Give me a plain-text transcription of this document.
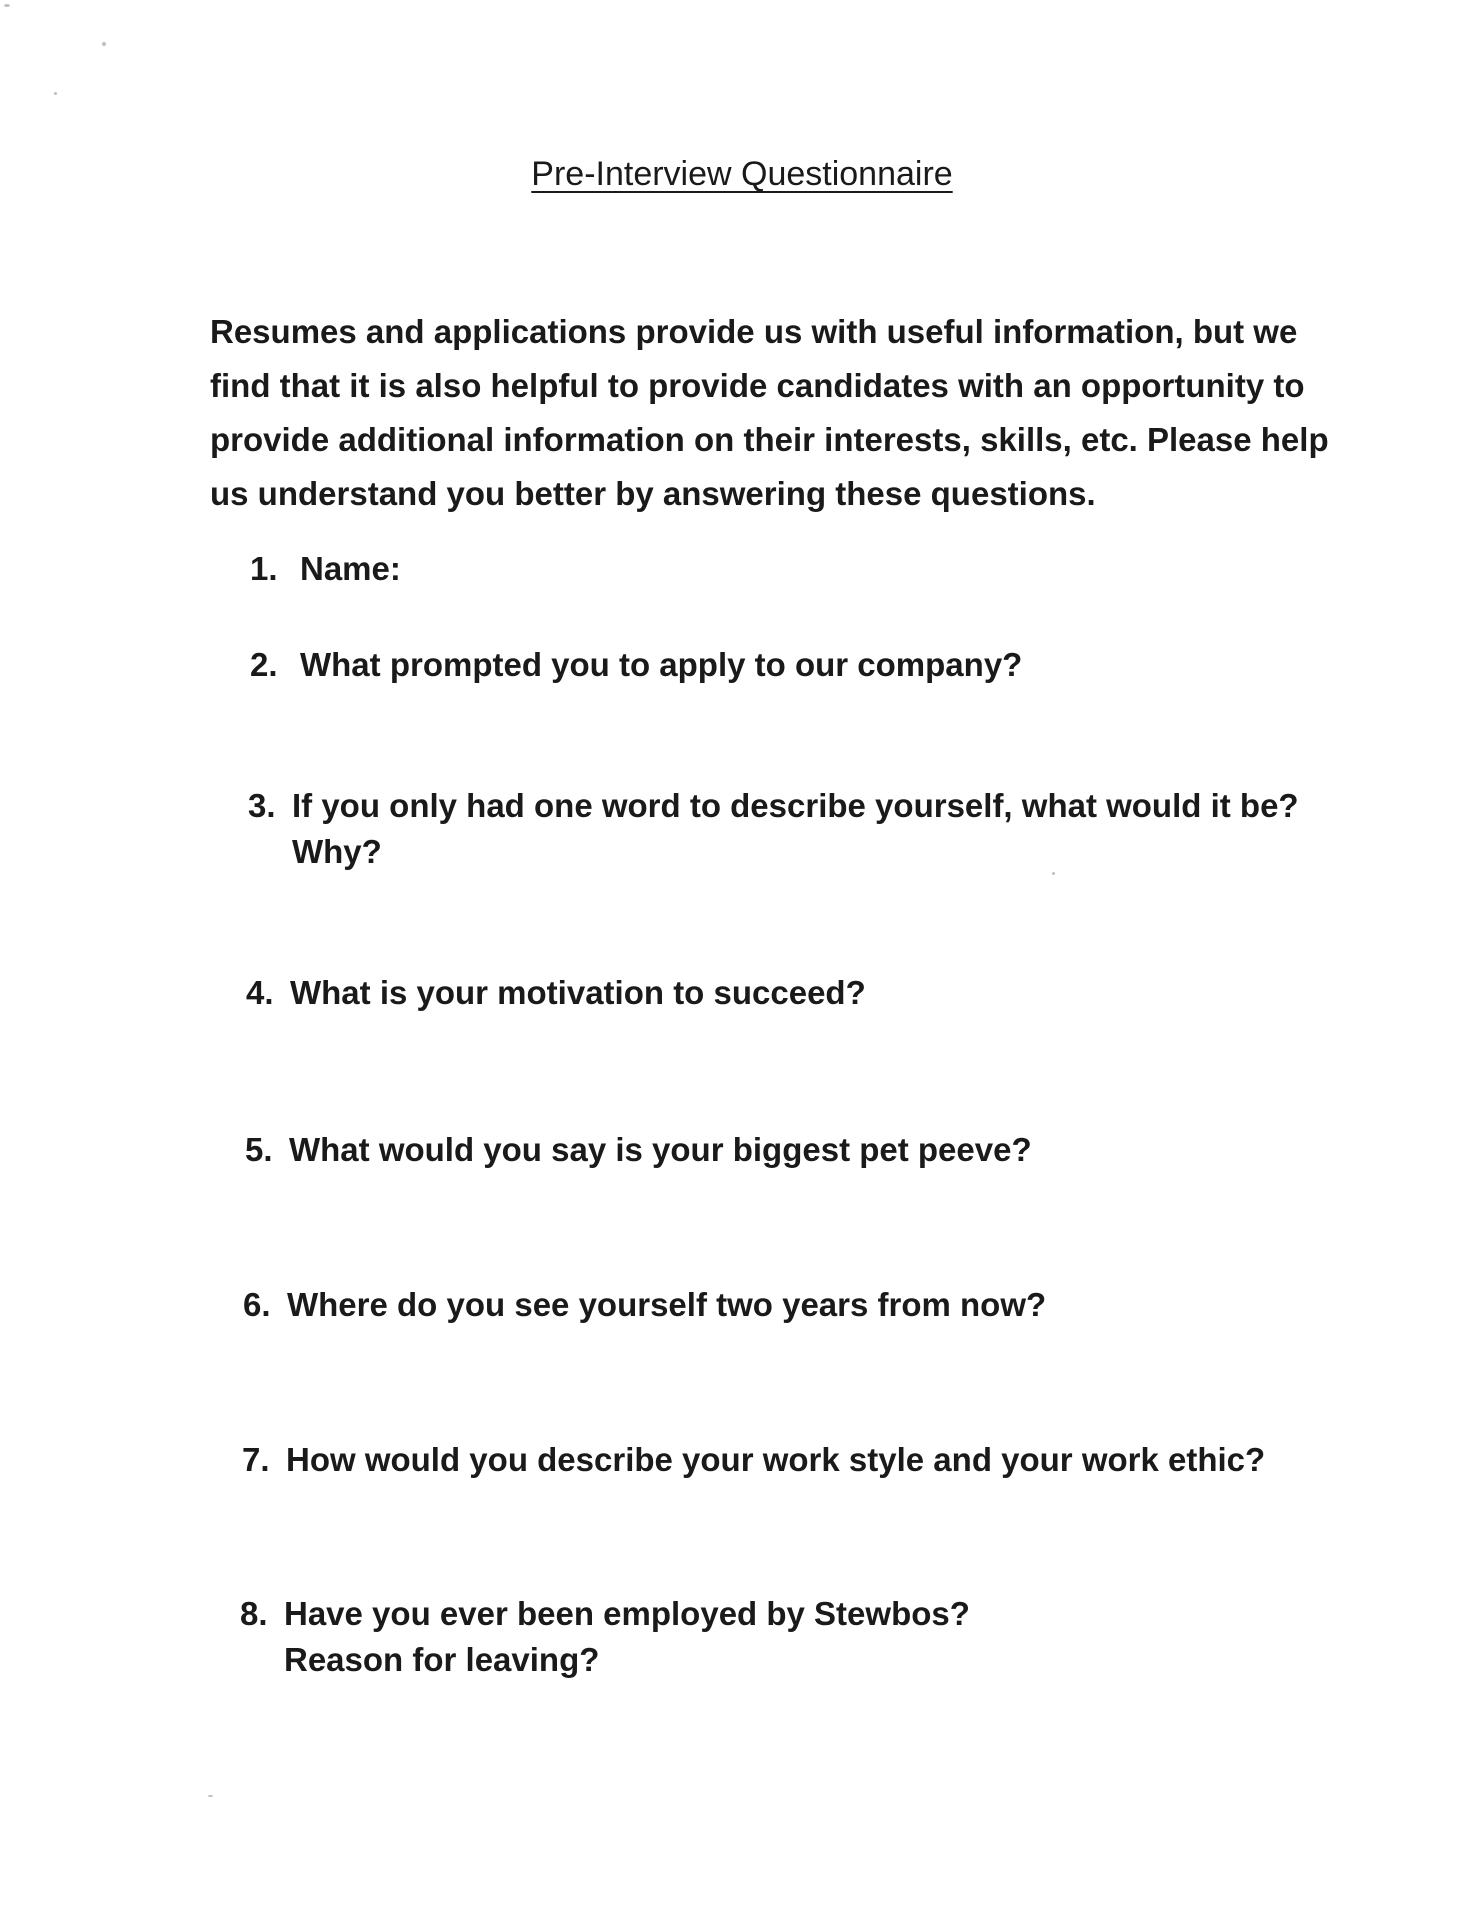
Pre-Interview Questionnaire
Resumes and applications provide us with useful information, but we find that it is also helpful to provide candidates with an opportunity to provide additional information on their interests, skills, etc. Please help us understand you better by answering these questions.
1. Name:
2. What prompted you to apply to our company?
3. If you only had one word to describe yourself, what would it be?
Why?
4. What is your motivation to succeed?
5. What would you say is your biggest pet peeve?
6. Where do you see yourself two years from now?
7. How would you describe your work style and your work ethic?
8. Have you ever been employed by Stewbos?
Reason for leaving?
